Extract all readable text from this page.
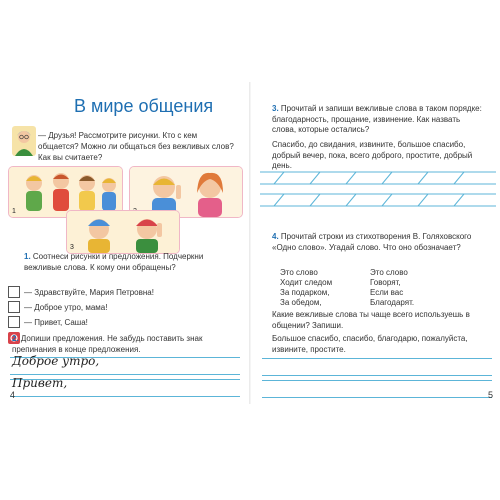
В мире общения
— Друзья! Рассмотрите рисунки. Кто с кем общается? Можно ли общаться без вежливых слов? Как вы считаете?
1
3
1. Соотнеси рисунки и предложения. Подчеркни вежливые слова. К кому они обращены?
— Здравствуйте, Мария Петровна!
— Доброе утро, мама!
— Привет, Саша!
2. Допиши предложения. Не забудь поставить знак препинания в конце предложения.
Доброе утро,
Привет,
4
3. Прочитай и запиши вежливые слова в таком порядке: благодарность, прощание, извинение. Как назвать слова, которые остались?
Спасибо, до свидания, извините, большое спасибо, добрый вечер, пока, всего доброго, простите, добрый день.
4. Прочитай строки из стихотворения В. Голяховского «Одно слово». Угадай слово. Что оно обозначает?
Это слово
Ходит следом
За подарком,
За обедом,
Это слово
Говорят,
Если вас
Благодарят.
Какие вежливые слова ты чаще всего используешь в общении? Запиши.
Большое спасибо, спасибо, благодарю, пожалуйста, извините, простите.
5
